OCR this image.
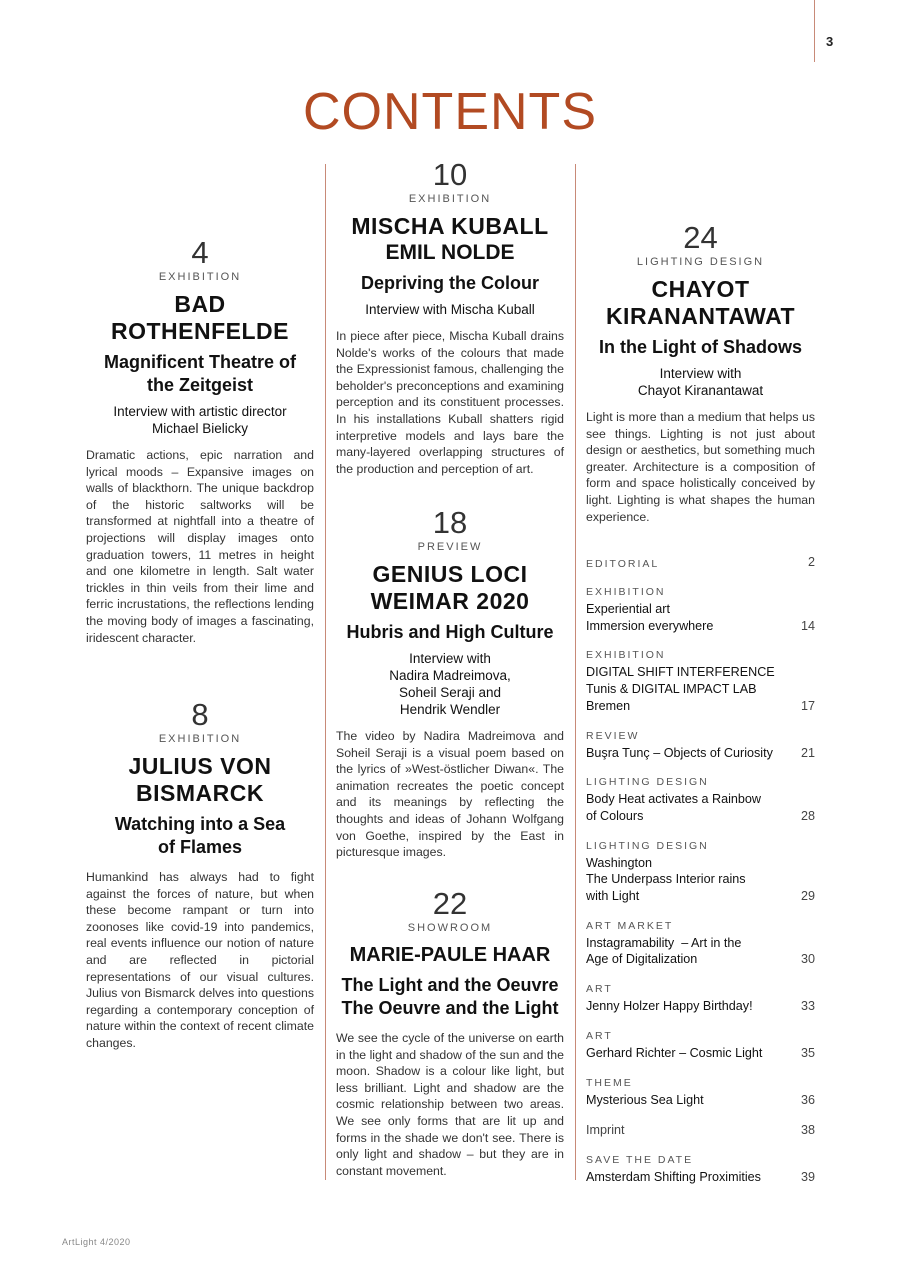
3
CONTENTS
4
EXHIBITION
BAD
ROTHENFELDE
Magnificent Theatre of
the Zeitgeist
Interview with artistic director
Michael Bielicky
Dramatic actions, epic narration and lyrical moods – Expansive images on walls of blackthorn. The unique backdrop of the historic saltworks will be transformed at nightfall into a theatre of projections will display images onto graduation towers, 11 metres in height and one kilometre in length. Salt water trickles in thin veils from their lime and ferric incrustations, the reflections lending the moving body of images a fascinating, iridescent character.
8
EXHIBITION
JULIUS VON
BISMARCK
Watching into a Sea
of Flames
Humankind has always had to fight against the forces of nature, but when these become rampant or turn into zoonoses like covid-19 into pandemics, real events influence our notion of nature and are reflected in pictorial representations of our visual cultures. Julius von Bismarck delves into questions regarding a contemporary conception of nature within the context of recent climate changes.
10
EXHIBITION
MISCHA KUBALL
EMIL NOLDE
Depriving the Colour
Interview with Mischa Kuball
In piece after piece, Mischa Kuball drains Nolde's works of the colours that made the Expressionist famous, challenging the beholder's preconceptions and examining perception and its constituent processes. In his installations Kuball shatters rigid interpretive models and lays bare the many-layered overlapping structures of the production and perception of art.
18
PREVIEW
GENIUS LOCI
WEIMAR 2020
Hubris and High Culture
Interview with
Nadira Madreimova,
Soheil Seraji and
Hendrik Wendler
The video by Nadira Madreimova and Soheil Seraji is a visual poem based on the lyrics of »West-östlicher Diwan«. The animation recreates the poetic concept and its meanings by reflecting the thoughts and ideas of Johann Wolfgang von Goethe, inspired by the East in picturesque images.
22
SHOWROOM
MARIE-PAULE HAAR
The Light and the Oeuvre
The Oeuvre and the Light
We see the cycle of the universe on earth in the light and shadow of the sun and the moon. Shadow is a colour like light, but less brilliant. Light and shadow are the cosmic relationship between two areas. We see only forms that are lit up and forms in the shade we don't see. There is only light and shadow – but they are in constant movement.
24
LIGHTING DESIGN
CHAYOT
KIRANANTAWAT
In the Light of Shadows
Interview with
Chayot Kiranantawat
Light is more than a medium that helps us see things. Lighting is not just about design or aesthetics, but something much greater. Architecture is a composition of form and space holistically conceived by light. Lighting is what shapes the human experience.
EDITORIAL	2
EXHIBITION
Experiential art
Immersion everywhere	14
EXHIBITION
DIGITAL SHIFT INTERFERENCE
Tunis & DIGITAL IMPACT LAB
Bremen	17
REVIEW
Buşra Tunç – Objects of Curiosity	21
LIGHTING DESIGN
Body Heat activates a Rainbow
of Colours	28
LIGHTING DESIGN
Washington
The Underpass Interior rains
with Light	29
ART MARKET
Instagramability  – Art in the
Age of Digitalization	30
ART
Jenny Holzer Happy Birthday!	33
ART
Gerhard Richter – Cosmic Light	35
THEME
Mysterious Sea Light	36
Imprint	38
SAVE THE DATE
Amsterdam Shifting Proximities	39
ArtLight 4/2020
